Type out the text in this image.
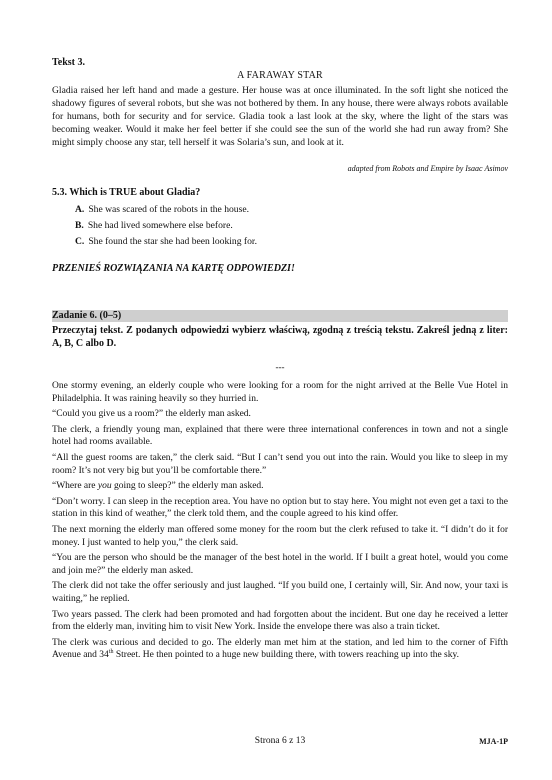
Tekst 3.
A FARAWAY STAR
Gladia raised her left hand and made a gesture. Her house was at once illuminated. In the soft light she noticed the shadowy figures of several robots, but she was not bothered by them. In any house, there were always robots available for humans, both for security and for service. Gladia took a last look at the sky, where the light of the stars was becoming weaker. Would it make her feel better if she could see the sun of the world she had run away from? She might simply choose any star, tell herself it was Solaria’s sun, and look at it.
adapted from Robots and Empire by Isaac Asimov
5.3. Which is TRUE about Gladia?
A. She was scared of the robots in the house.
B. She had lived somewhere else before.
C. She found the star she had been looking for.
PRZENIEŚ ROZWIĄZANIA NA KARTĘ ODPOWIEDZI!
Zadanie 6. (0–5)
Przeczytaj tekst. Z podanych odpowiedzi wybierz właściwą, zgodną z treścią tekstu. Zakreśl jedną z liter: A, B, C albo D.
---

One stormy evening, an elderly couple who were looking for a room for the night arrived at the Belle Vue Hotel in Philadelphia. It was raining heavily so they hurried in.

“Could you give us a room?” the elderly man asked.

The clerk, a friendly young man, explained that there were three international conferences in town and not a single hotel had rooms available.

“All the guest rooms are taken,” the clerk said. “But I can’t send you out into the rain. Would you like to sleep in my room? It’s not very big but you’ll be comfortable there.”

“Where are you going to sleep?” the elderly man asked.

“Don’t worry. I can sleep in the reception area. You have no option but to stay here. You might not even get a taxi to the station in this kind of weather,” the clerk told them, and the couple agreed to his kind offer.

The next morning the elderly man offered some money for the room but the clerk refused to take it. “I didn’t do it for money. I just wanted to help you,” the clerk said.

“You are the person who should be the manager of the best hotel in the world. If I built a great hotel, would you come and join me?” the elderly man asked.

The clerk did not take the offer seriously and just laughed. “If you build one, I certainly will, Sir. And now, your taxi is waiting,” he replied.

Two years passed. The clerk had been promoted and had forgotten about the incident. But one day he received a letter from the elderly man, inviting him to visit New York. Inside the envelope there was also a train ticket.

The clerk was curious and decided to go. The elderly man met him at the station, and led him to the corner of Fifth Avenue and 34th Street. He then pointed to a huge new building there, with towers reaching up into the sky.

Strona 6 z 13	MJA-1P
